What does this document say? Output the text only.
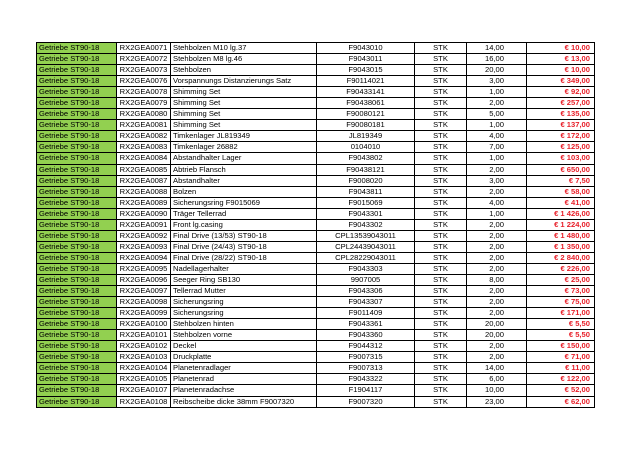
Getriebe ST90-18	RX2GEA0071	Stehbolzen M10 lg.37	F9043010	STK	14,00	€ 10,00
Getriebe ST90-18	RX2GEA0072	Stehbolzen M8 lg.46	F9043011	STK	16,00	€ 13,00
Getriebe ST90-18	RX2GEA0073	Stehbolzen	F9043015	STK	20,00	€ 10,00
Getriebe ST90-18	RX2GEA0076	Vorspannungs Distanzierungs Satz	F90114021	STK	3,00	€ 349,00
Getriebe ST90-18	RX2GEA0078	Shimming Set	F90433141	STK	1,00	€ 92,00
Getriebe ST90-18	RX2GEA0079	Shimming Set	F90438061	STK	2,00	€ 257,00
Getriebe ST90-18	RX2GEA0080	Shimming Set	F90080121	STK	5,00	€ 135,00
Getriebe ST90-18	RX2GEA0081	Shimming Set	F90080181	STK	1,00	€ 137,00
Getriebe ST90-18	RX2GEA0082	Timkenlager JL819349	JL819349	STK	4,00	€ 172,00
Getriebe ST90-18	RX2GEA0083	Timkenlager 26882	0104010	STK	7,00	€ 125,00
Getriebe ST90-18	RX2GEA0084	Abstandhalter Lager	F9043802	STK	1,00	€ 103,00
Getriebe ST90-18	RX2GEA0085	Abtrieb Flansch	F90438121	STK	2,00	€ 650,00
Getriebe ST90-18	RX2GEA0087	Abstandhalter	F9008020	STK	3,00	€ 7,50
Getriebe ST90-18	RX2GEA0088	Bolzen	F9043811	STK	2,00	€ 58,00
Getriebe ST90-18	RX2GEA0089	Sicherungsring F9015069	F9015069	STK	4,00	€ 41,00
Getriebe ST90-18	RX2GEA0090	Träger Tellerrad	F9043301	STK	1,00	€ 1 426,00
Getriebe ST90-18	RX2GEA0091	Front lg.casing	F9043302	STK	2,00	€ 1 224,00
Getriebe ST90-18	RX2GEA0092	Final Drive (13/53) ST90-18	CPL13539043011	STK	2,00	€ 1 480,00
Getriebe ST90-18	RX2GEA0093	Final Drive (24/43) ST90-18	CPL24439043011	STK	2,00	€ 1 350,00
Getriebe ST90-18	RX2GEA0094	Final Drive (28/22) ST90-18	CPL28229043011	STK	2,00	€ 2 840,00
Getriebe ST90-18	RX2GEA0095	Nadellagerhalter	F9043303	STK	2,00	€ 226,00
Getriebe ST90-18	RX2GEA0096	Seeger Ring SB130	9907005	STK	8,00	€ 25,00
Getriebe ST90-18	RX2GEA0097	Tellerrad Mutter	F9043306	STK	2,00	€ 73,00
Getriebe ST90-18	RX2GEA0098	Sicherungsring	F9043307	STK	2,00	€ 75,00
Getriebe ST90-18	RX2GEA0099	Sicherungsring	F9011409	STK	2,00	€ 171,00
Getriebe ST90-18	RX2GEA0100	Stehbolzen hinten	F9043361	STK	20,00	€ 5,50
Getriebe ST90-18	RX2GEA0101	Stehbolzen vorne	F9043360	STK	20,00	€ 5,50
Getriebe ST90-18	RX2GEA0102	Deckel	F9044312	STK	2,00	€ 150,00
Getriebe ST90-18	RX2GEA0103	Druckplatte	F9007315	STK	2,00	€ 71,00
Getriebe ST90-18	RX2GEA0104	Planetenradlager	F9007313	STK	14,00	€ 11,00
Getriebe ST90-18	RX2GEA0105	Planetenrad	F9043322	STK	6,00	€ 122,00
Getriebe ST90-18	RX2GEA0107	Planetenradachse	F1904117	STK	10,00	€ 52,00
Getriebe ST90-18	RX2GEA0108	Reibscheibe dicke 38mm F9007320	F9007320	STK	23,00	€ 62,00
